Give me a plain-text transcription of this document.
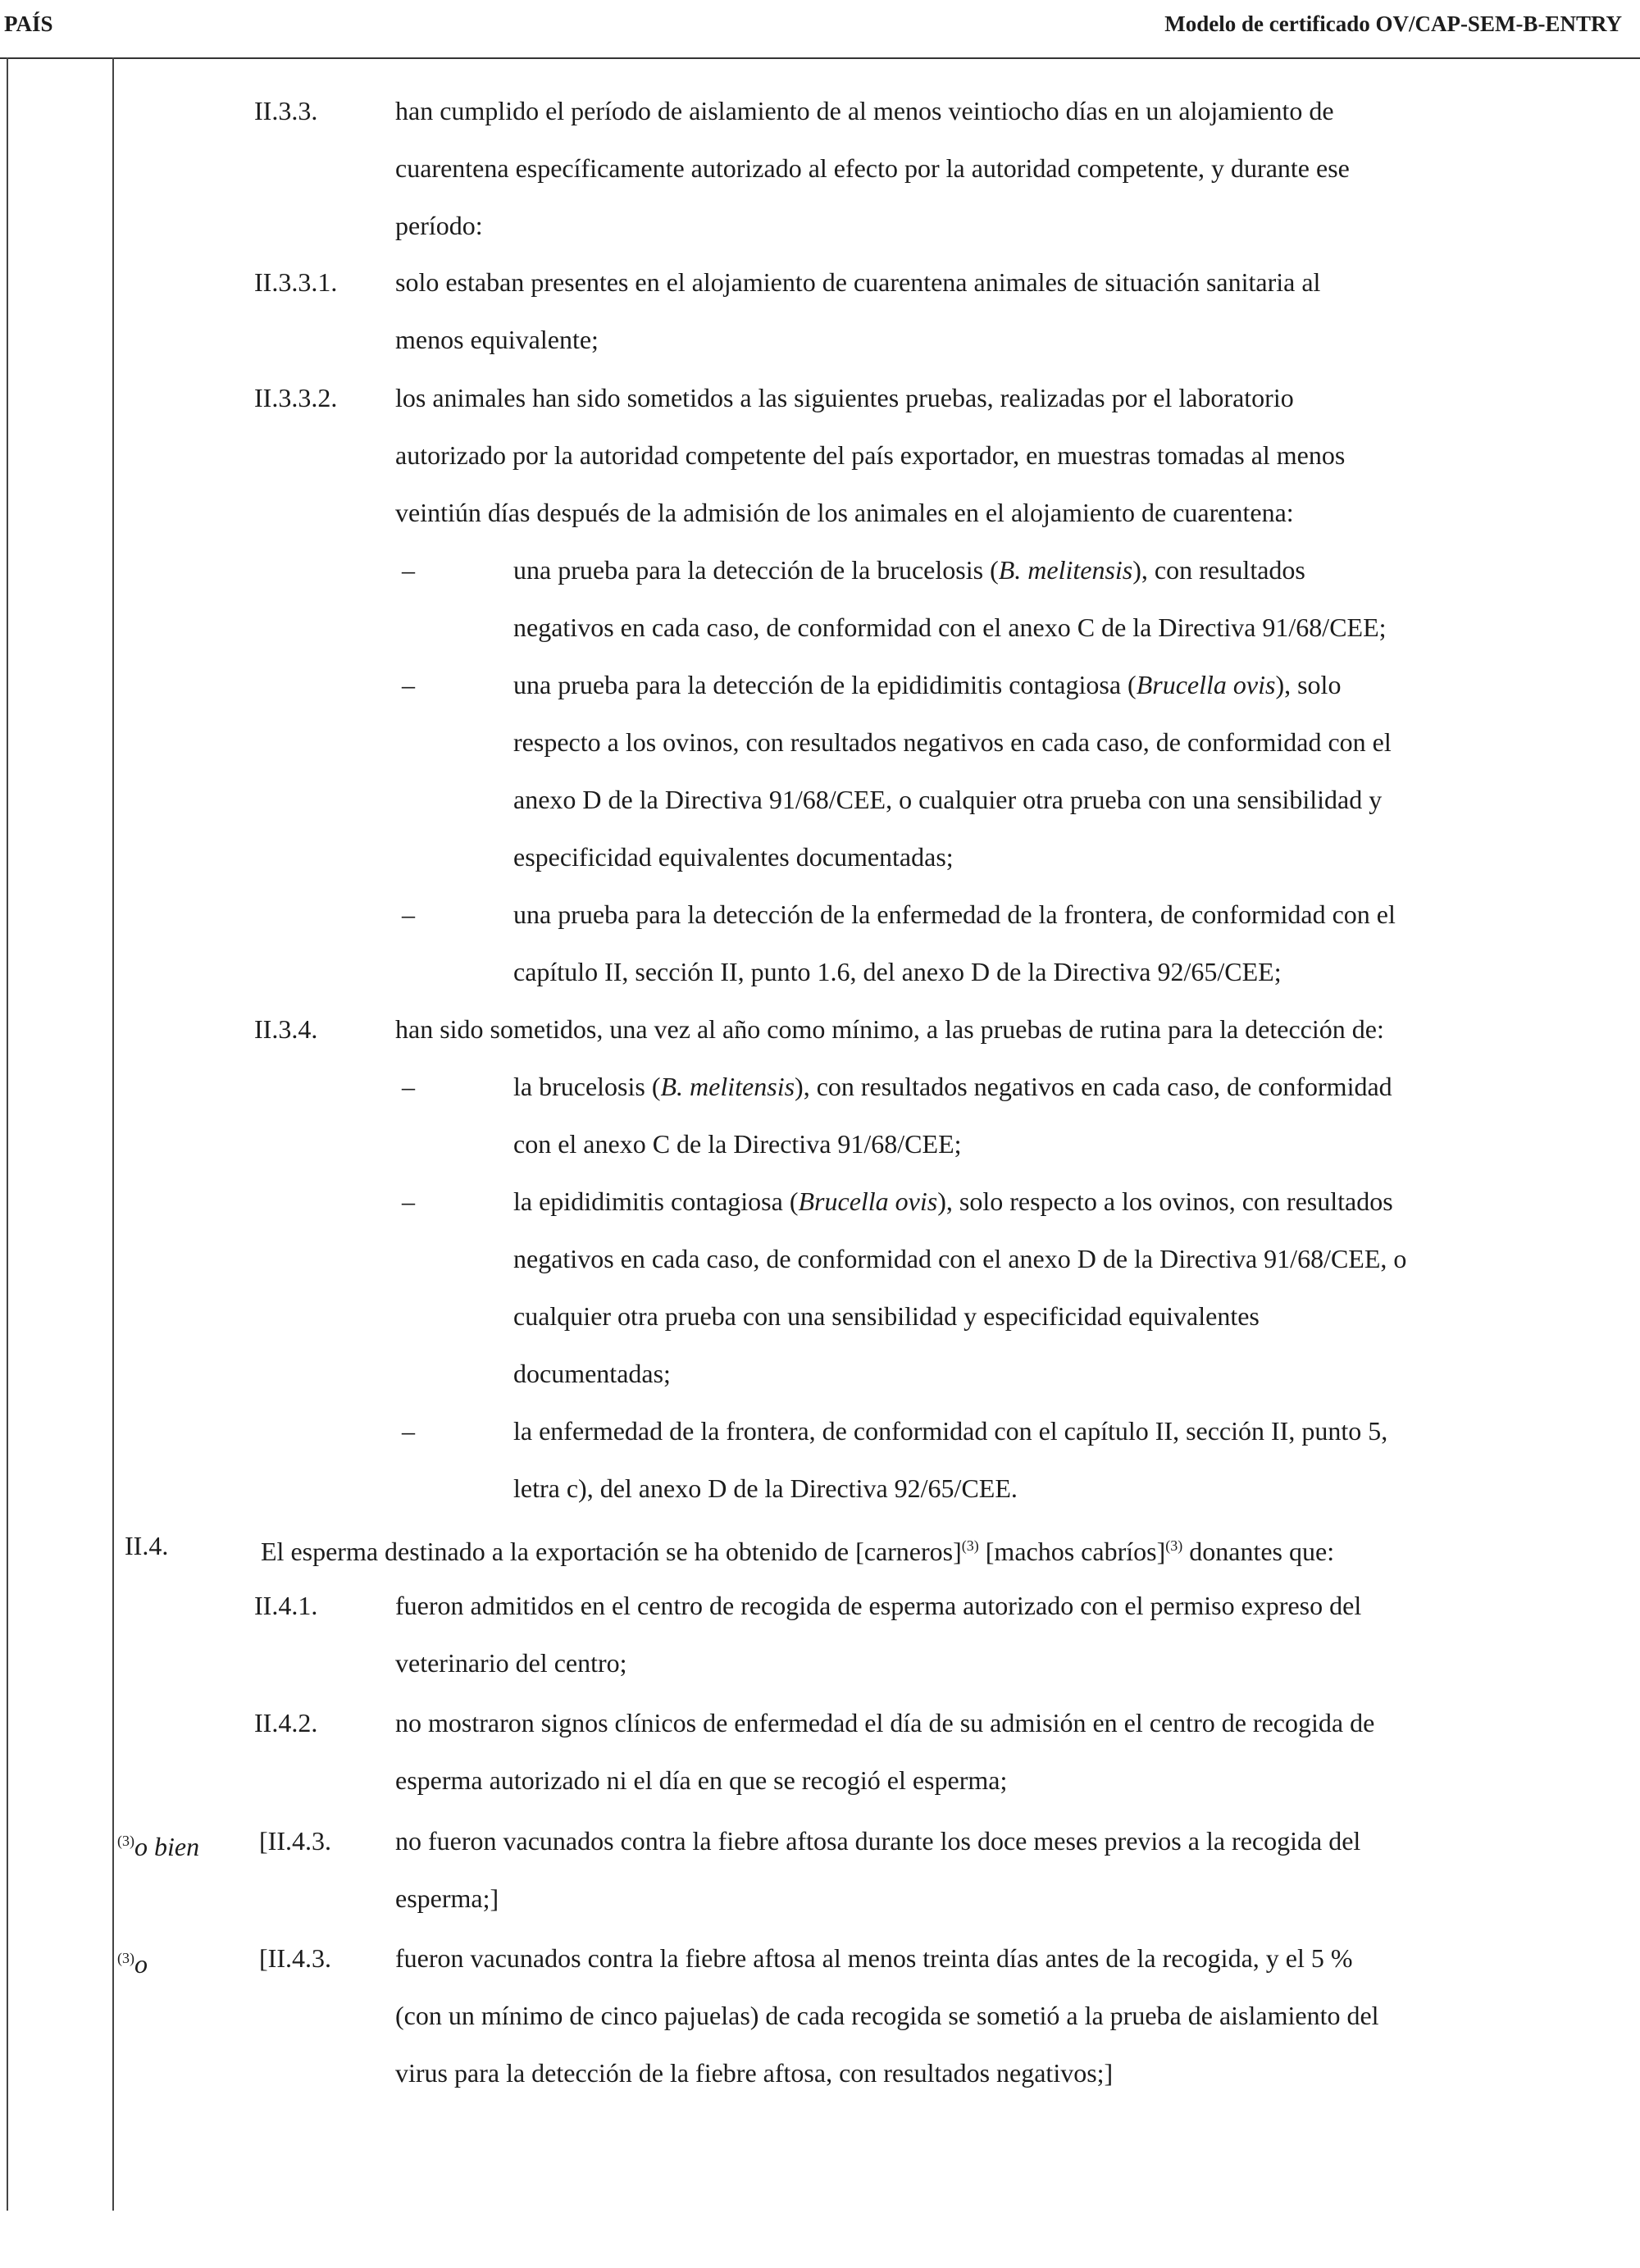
PAÍS	Modelo de certificado OV/CAP-SEM-B-ENTRY
II.3.3.	han cumplido el período de aislamiento de al menos veintiocho días en un alojamiento de

cuarentena específicamente autorizado al efecto por la autoridad competente, y durante ese

período:

II.3.3.1. solo estaban presentes en el alojamiento de cuarentena animales de situación sanitaria al

menos equivalente;

II.3.3.2. los animales han sido sometidos a las siguientes pruebas, realizadas por el laboratorio

autorizado por la autoridad competente del país exportador, en muestras tomadas al menos

veintiún días después de la admisión de los animales en el alojamiento de cuarentena:

–	una prueba para la detección de la brucelosis (B. melitensis), con resultados

negativos en cada caso, de conformidad con el anexo C de la Directiva 91/68/CEE;

–	una prueba para la detección de la epididimitis contagiosa (Brucella ovis), solo

respecto a los ovinos, con resultados negativos en cada caso, de conformidad con el

anexo D de la Directiva 91/68/CEE, o cualquier otra prueba con una sensibilidad y

especificidad equivalentes documentadas;

–	una prueba para la detección de la enfermedad de la frontera, de conformidad con el

capítulo II, sección II, punto 1.6, del anexo D de la Directiva 92/65/CEE;

II.3.4.	han sido sometidos, una vez al año como mínimo, a las pruebas de rutina para la detección de:

–	la brucelosis (B. melitensis), con resultados negativos en cada caso, de conformidad

con el anexo C de la Directiva 91/68/CEE;

–	la epididimitis contagiosa (Brucella ovis), solo respecto a los ovinos, con resultados

negativos en cada caso, de conformidad con el anexo D de la Directiva 91/68/CEE, o

cualquier otra prueba con una sensibilidad y especificidad equivalentes

documentadas;

–	la enfermedad de la frontera, de conformidad con el capítulo II, sección II, punto 5,

letra c), del anexo D de la Directiva 92/65/CEE.

II.4.	El esperma destinado a la exportación se ha obtenido de [carneros]$^{(3)}$ [machos cabríos]$^{(3)}$ donantes que:

II.4.1.	fueron admitidos en el centro de recogida de esperma autorizado con el permiso expreso del

veterinario del centro;

II.4.2.	no mostraron signos clínicos de enfermedad el día de su admisión en el centro de recogida de

esperma autorizado ni el día en que se recogió el esperma;

$^{(3)}$o bien [II.4.3. no fueron vacunados contra la fiebre aftosa durante los doce meses previos a la recogida del

esperma;]

$^{(3)}$o	[II.4.3. fueron vacunados contra la fiebre aftosa al menos treinta días antes de la recogida, y el 5 %

(con un mínimo de cinco pajuelas) de cada recogida se sometió a la prueba de aislamiento del

virus para la detección de la fiebre aftosa, con resultados negativos;]
